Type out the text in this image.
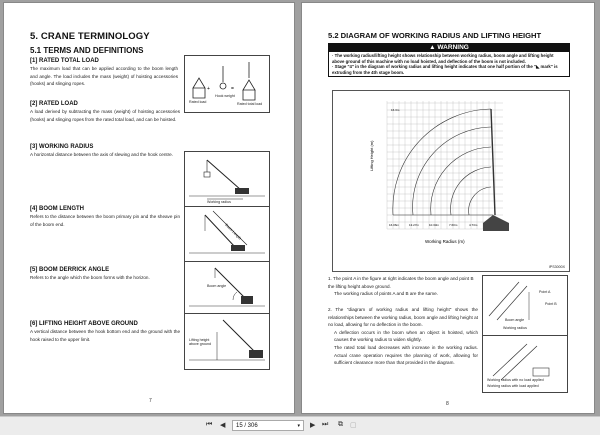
5. CRANE TERMINOLOGY
5.1 TERMS AND DEFINITIONS
[1] RATED TOTAL LOAD
The maximum load that can be applied according to the boom length and angle. The load includes the mass (weight) of hoisting accessories (hooks) and slinging ropes.
[2] RATED LOAD
A load derived by subtracting the mass (weight) of hoisting accessories (hooks) and slinging ropes from the rated total load, and can be hoisted.
[3] WORKING RADIUS
A horizontal distance between the axis of slewing and the hook centre.
[4] BOOM LENGTH
Refers to the distance between the boom primary pin and the sheave pin of the boom end.
[5] BOOM DERRICK ANGLE
Refers to the angle which the boom forms with the horizon.
[6] LIFTING HEIGHT ABOVE GROUND
A vertical distance between the hook bottom end and the ground with the hook raised to the upper limit.
+	=
Rated load
Hook weight
Rated total load
Working radius
Boom Length
Boom angle
Lifting height above ground
7
5.2 DIAGRAM OF WORKING RADIUS AND LIFTING HEIGHT
▲ WARNING
· The working radius/lifting height shows relationship between working radius, boom angle and lifting height above ground of this machine with no load hoisted, and deflection of the boom is not included.
· Stage "4" in the diagram of working radius and lifting height indicates that one half portion of the "◣ mark" is extruding from the 4th stage boom.
Lifting Height (m)
Working Radius (m)
16.06m	13.27m	10.33m	7.60m	4.73m
16.3m
IPS3000X
1. The point A in the figure at right indicates the boom angle and point B the lifting height above ground.
The working radius of points A and B are the same.
2. The "diagram of working radius and lifting height" shows the relationships between the working radius, boom angle and lifting height at no load, allowing for no deflection in the boom.
A deflection occurs in the boom when an object is hoisted, which causes the working radius to widen slightly.
The rated total load decreases with increase in the working radius. Actual crane operation requires the planning of work, allowing for sufficient clearance more than that provided in the diagram.
Point A
Point B
Boom angle
Working radius
Working radius with no load applied
Working radius with load applied
8
⏮ ◀	15 / 306	▾ ▶ ⏭ ⧉ ▢
